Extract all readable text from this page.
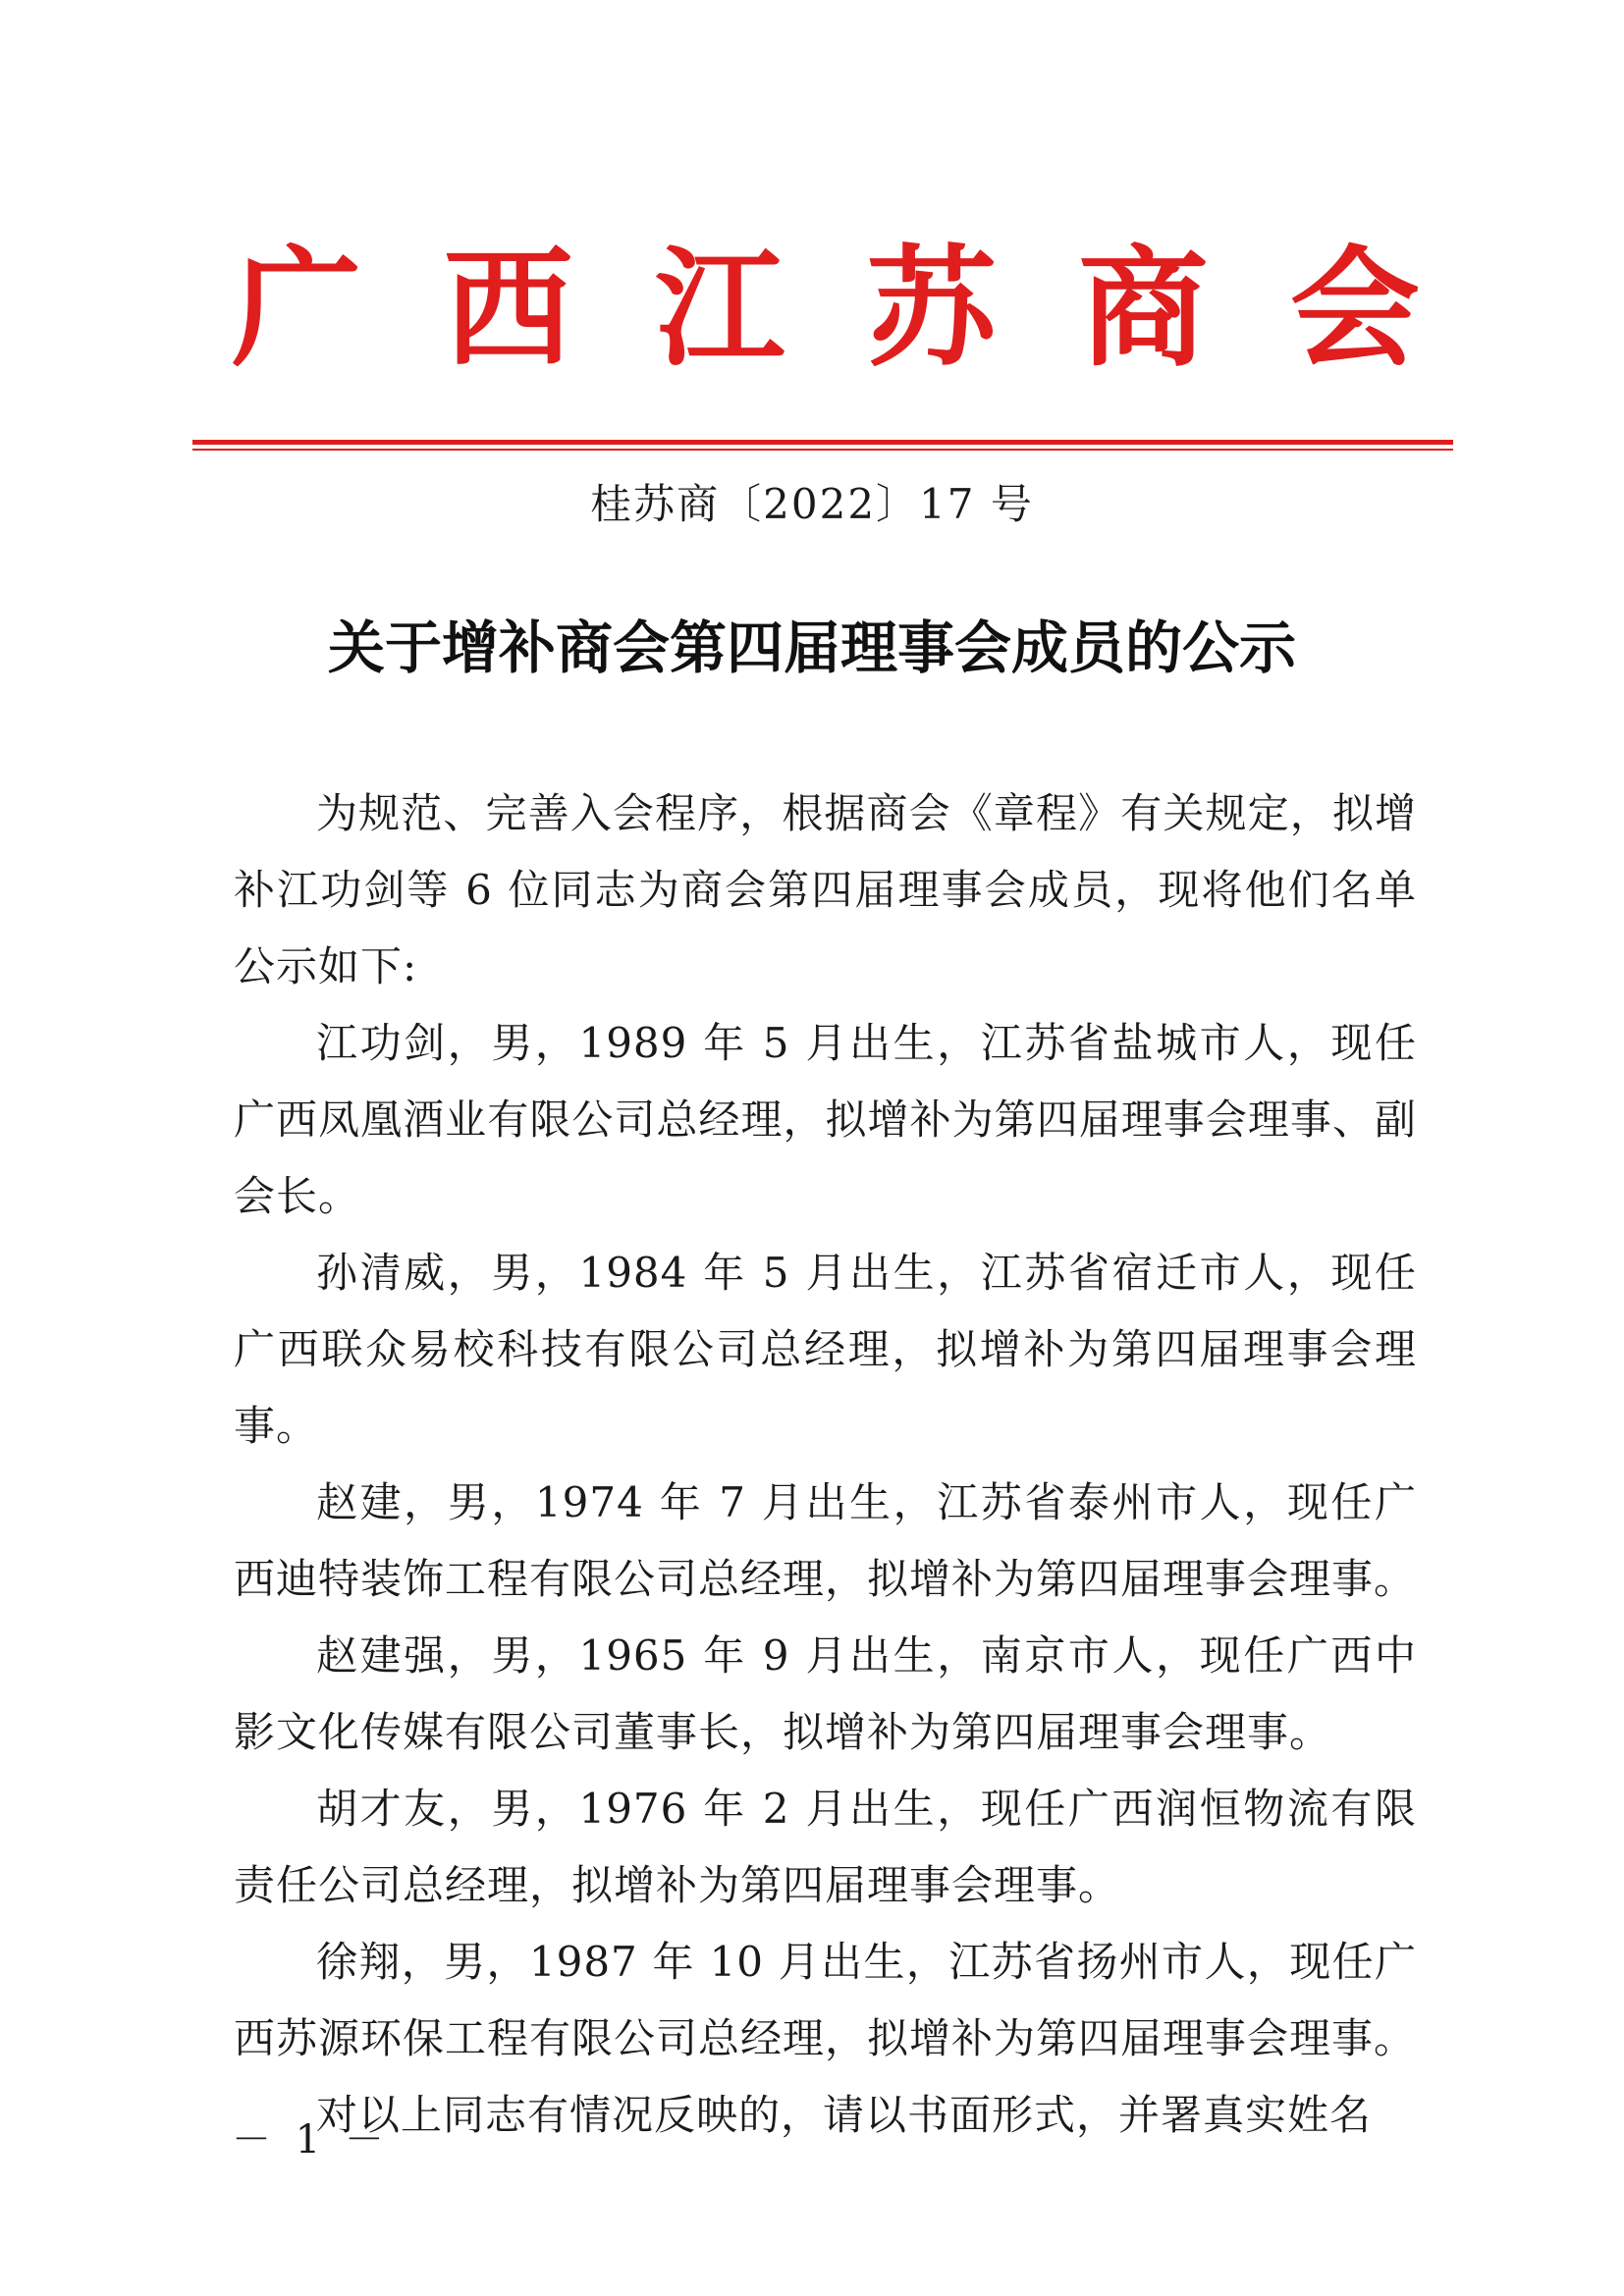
广 西 江 苏 商 会
桂苏商〔2022〕17 号
关于增补商会第四届理事会成员的公示

为规范、完善入会程序，根据商会《章程》有关规定，拟增补江功剑等 6 位同志为商会第四届理事会成员，现将他们名单公示如下:

江功剑，男，1989 年 5 月出生，江苏省盐城市人，现任广西凤凰酒业有限公司总经理，拟增补为第四届理事会理事、副会长。

孙清威，男，1984 年 5 月出生，江苏省宿迁市人，现任广西联众易校科技有限公司总经理，拟增补为第四届理事会理事。

赵建，男，1974 年 7 月出生，江苏省泰州市人，现任广西迪特装饰工程有限公司总经理，拟增补为第四届理事会理事。

赵建强，男，1965 年 9 月出生，南京市人，现任广西中影文化传媒有限公司董事长，拟增补为第四届理事会理事。

胡才友，男，1976 年 2 月出生，现任广西润恒物流有限责任公司总经理，拟增补为第四届理事会理事。

徐翔，男，1987 年 10 月出生，江苏省扬州市人，现任广西苏源环保工程有限公司总经理，拟增补为第四届理事会理事。

对以上同志有情况反映的，请以书面形式，并署真实姓名

－ 1 －
